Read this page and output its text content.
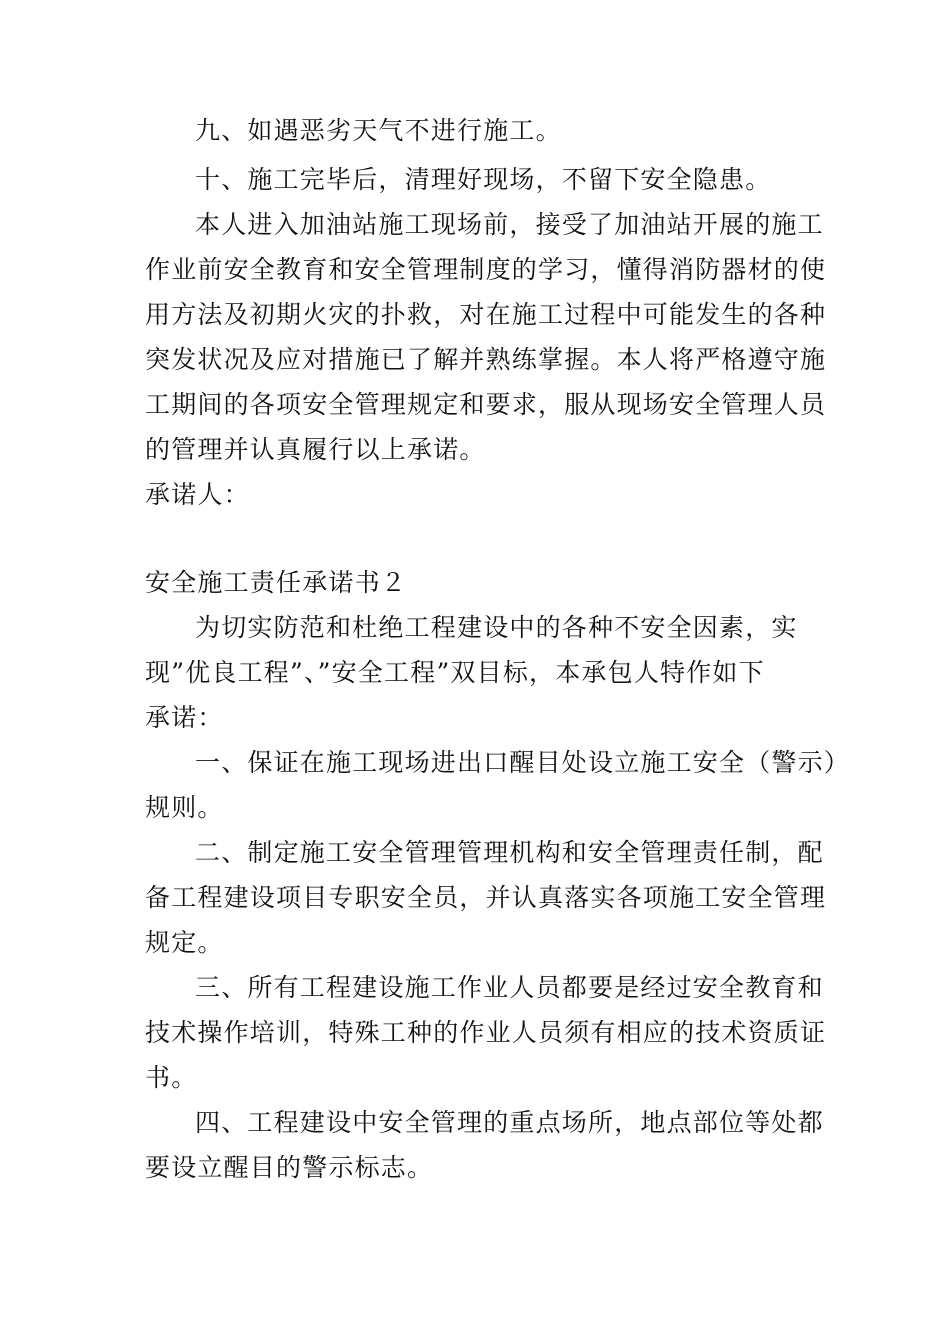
九、如遇恶劣天气不进行施工。
十、施工完毕后，清理好现场，不留下安全隐患。
本人进入加油站施工现场前，接受了加油站开展的施工
作业前安全教育和安全管理制度的学习，懂得消防器材的使
用方法及初期火灾的扑救，对在施工过程中可能发生的各种
突发状况及应对措施已了解并熟练掌握。本人将严格遵守施
工期间的各项安全管理规定和要求，服从现场安全管理人员
的管理并认真履行以上承诺。
承诺人：
安全施工责任承诺书２
为切实防范和杜绝工程建设中的各种不安全因素，实
现”优良工程”、”安全工程”双目标，本承包人特作如下
承诺：
一、保证在施工现场进出口醒目处设立施工安全（警示）
规则。
二、制定施工安全管理管理机构和安全管理责任制，配
备工程建设项目专职安全员，并认真落实各项施工安全管理
规定。
三、所有工程建设施工作业人员都要是经过安全教育和
技术操作培训，特殊工种的作业人员须有相应的技术资质证
书。
四、工程建设中安全管理的重点场所，地点部位等处都
要设立醒目的警示标志。
